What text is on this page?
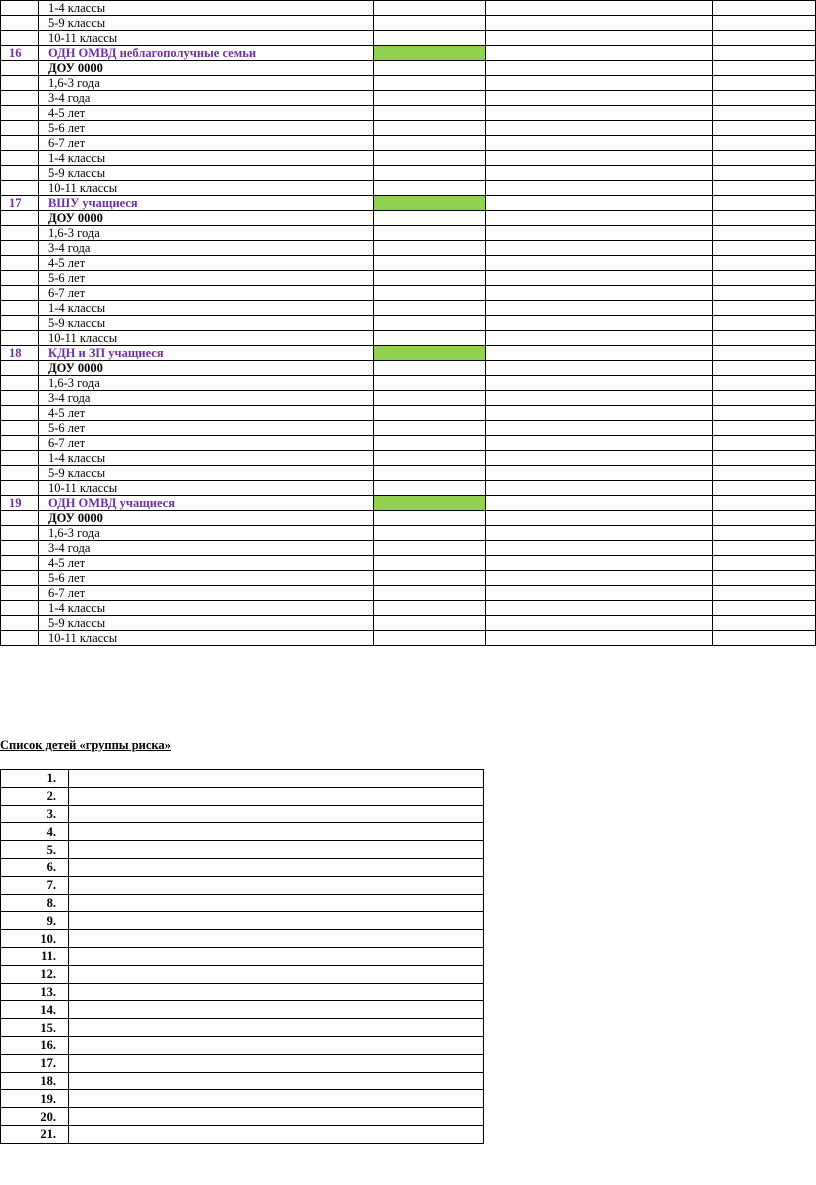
	1-4 классы			
	5-9 классы			
	10-11 классы			
16	ОДН ОМВД неблагополучные семьи			
	ДОУ 0000			
	1,6-3 года			
	3-4 года			
	4-5 лет			
	5-6 лет			
	6-7 лет			
	1-4 классы			
	5-9 классы			
	10-11 классы			
17	ВШУ учащиеся			
	ДОУ 0000			
	1,6-3 года			
	3-4 года			
	4-5 лет			
	5-6 лет			
	6-7 лет			
	1-4 классы			
	5-9 классы			
	10-11 классы			
18	КДН и ЗП учащиеся			
	ДОУ 0000			
	1,6-3 года			
	3-4 года			
	4-5 лет			
	5-6 лет			
	6-7 лет			
	1-4 классы			
	5-9 классы			
	10-11 классы			
19	ОДН ОМВД учащиеся			
	ДОУ 0000			
	1,6-3 года			
	3-4 года			
	4-5 лет			
	5-6 лет			
	6-7 лет			
	1-4 классы			
	5-9 классы			
	10-11 классы			

Список детей «группы риска»

1.	
2.	
3.	
4.	
5.	
6.	
7.	
8.	
9.	
10.	
11.	
12.	
13.	
14.	
15.	
16.	
17.	
18.	
19.	
20.	
21.	
